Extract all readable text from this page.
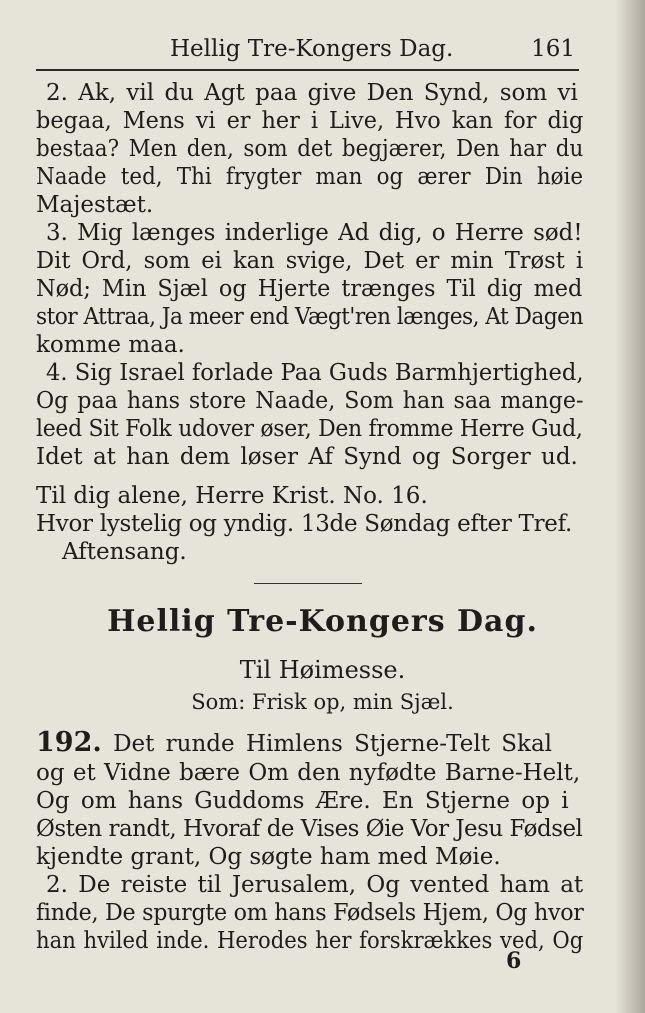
Hellig Tre-Kongers Dag.	161
2. Ak, vil du Agt paa give Den Synd, som vi
begaa, Mens vi er her i Live, Hvo kan for dig
bestaa? Men den, som det begjærer, Den har du
Naade ted, Thi frygter man og ærer Din høie
Majestæt.
3. Mig længes inderlige Ad dig, o Herre sød!
Dit Ord, som ei kan svige, Det er min Trøst i
Nød; Min Sjæl og Hjerte trænges Til dig med
stor Attraa, Ja meer end Vægt'ren længes, At Dagen
komme maa.
4. Sig Israel forlade Paa Guds Barmhjertighed,
Og paa hans store Naade, Som han saa mange-
leed Sit Folk udover øser, Den fromme Herre Gud,
Idet at han dem løser Af Synd og Sorger ud.
Til dig alene, Herre Krist. No. 16.
Hvor lystelig og yndig. 13de Søndag efter Tref.
Aftensang.
Hellig Tre-Kongers Dag.
Til Høimesse.
Som: Frisk op, min Sjæl.
192. Det runde Himlens Stjerne-Telt Skal
og et Vidne bære Om den nyfødte Barne-Helt,
Og om hans Guddoms Ære. En Stjerne op i
Østen randt, Hvoraf de Vises Øie Vor Jesu Fødsel
kjendte grant, Og søgte ham med Møie.
2. De reiste til Jerusalem, Og vented ham at
finde, De spurgte om hans Fødsels Hjem, Og hvor
han hviled inde. Herodes her forskrækkes ved, Og
6
